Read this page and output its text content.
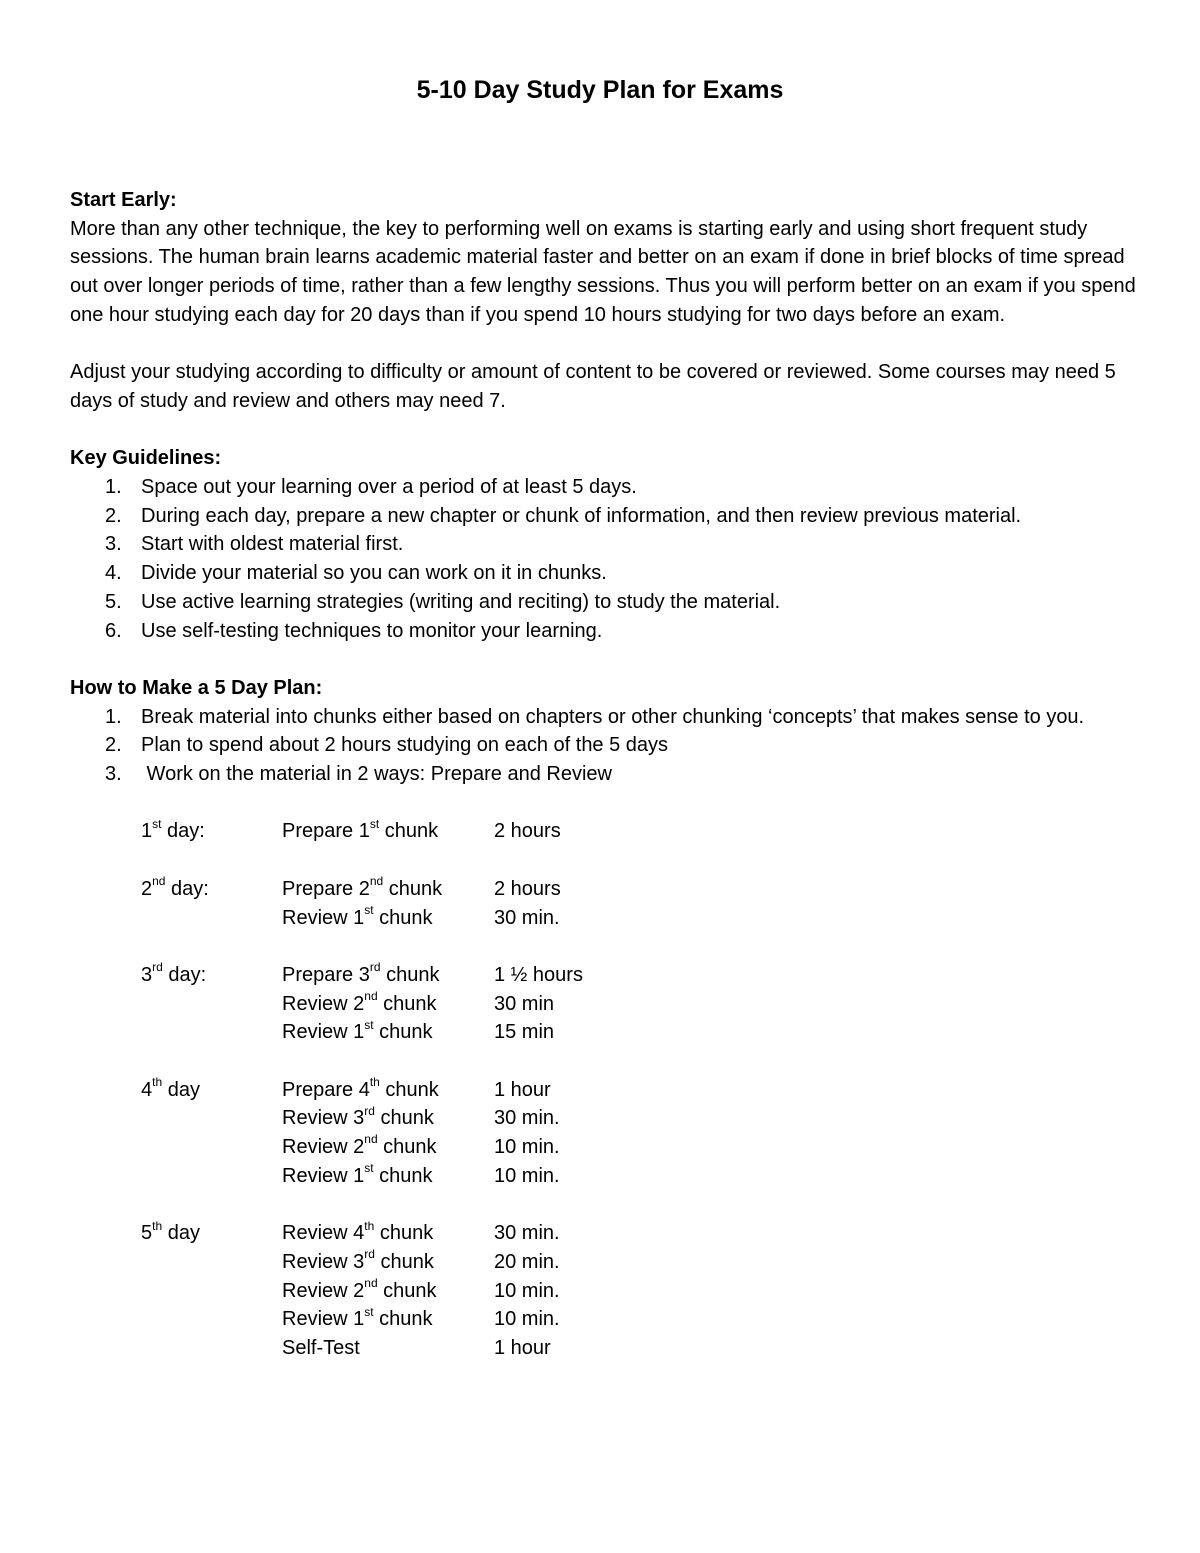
5-10 Day Study Plan for Exams

Start Early:

More than any other technique, the key to performing well on exams is starting early and using short frequent study sessions. The human brain learns academic material faster and better on an exam if done in brief blocks of time spread out over longer periods of time, rather than a few lengthy sessions. Thus you will perform better on an exam if you spend one hour studying each day for 20 days than if you spend 10 hours studying for two days before an exam.

Adjust your studying according to difficulty or amount of content to be covered or reviewed. Some courses may need 5 days of study and review and others may need 7.

Key Guidelines:

1. Space out your learning over a period of at least 5 days.
2. During each day, prepare a new chapter or chunk of information, and then review previous material.
3. Start with oldest material first.
4. Divide your material so you can work on it in chunks.
5. Use active learning strategies (writing and reciting) to study the material.
6. Use self-testing techniques to monitor your learning.

How to Make a 5 Day Plan:

1. Break material into chunks either based on chapters or other chunking ‘concepts’ that makes sense to you.
2. Plan to spend about 2 hours studying on each of the 5 days
3. Work on the material in 2 ways: Prepare and Review
1st day:	Prepare 1st chunk	2 hours
2nd day:	Prepare 2nd chunk	2 hours
Review 1st chunk	30 min.
3rd day:	Prepare 3rd chunk	1 ½ hours
Review 2nd chunk	30 min
Review 1st chunk	15 min
4th day	Prepare 4th chunk	1 hour
Review 3rd chunk	30 min.
Review 2nd chunk	10 min.
Review 1st chunk	10 min.
5th day	Review 4th chunk	30 min.
Review 3rd chunk	20 min.
Review 2nd chunk	10 min.
Review 1st chunk	10 min.
Self-Test	1 hour
